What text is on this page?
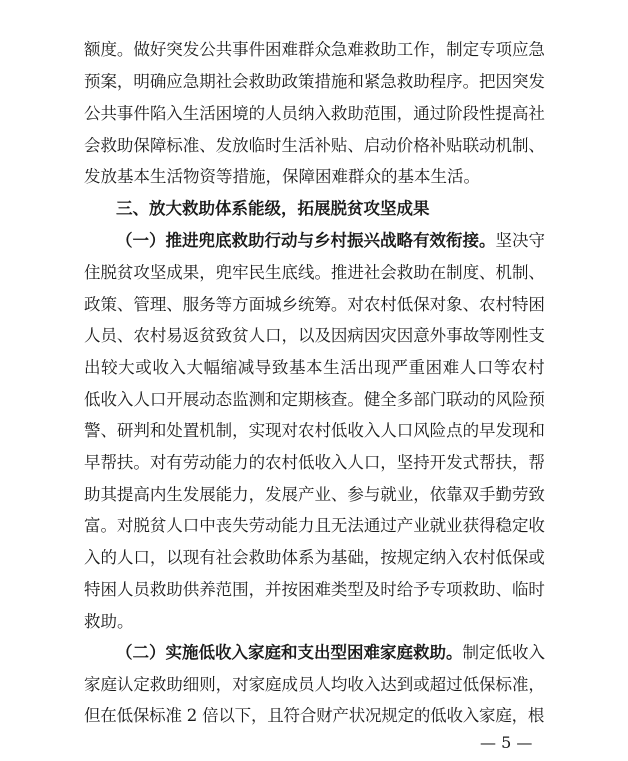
额度。做好突发公共事件困难群众急难救助工作，制定专项应急
预案，明确应急期社会救助政策措施和紧急救助程序。把因突发
公共事件陷入生活困境的人员纳入救助范围，通过阶段性提高社
会救助保障标准、发放临时生活补贴、启动价格补贴联动机制、
发放基本生活物资等措施，保障困难群众的基本生活。
三、放大救助体系能级，拓展脱贫攻坚成果
（一）推进兜底救助行动与乡村振兴战略有效衔接。坚决守
住脱贫攻坚成果，兜牢民生底线。推进社会救助在制度、机制、
政策、管理、服务等方面城乡统筹。对农村低保对象、农村特困
人员、农村易返贫致贫人口，以及因病因灾因意外事故等刚性支
出较大或收入大幅缩减导致基本生活出现严重困难人口等农村
低收入人口开展动态监测和定期核查。健全多部门联动的风险预
警、研判和处置机制，实现对农村低收入人口风险点的早发现和
早帮扶。对有劳动能力的农村低收入人口，坚持开发式帮扶，帮
助其提高内生发展能力，发展产业、参与就业，依靠双手勤劳致
富。对脱贫人口中丧失劳动能力且无法通过产业就业获得稳定收
入的人口，以现有社会救助体系为基础，按规定纳入农村低保或
特困人员救助供养范围，并按困难类型及时给予专项救助、临时
救助。
（二）实施低收入家庭和支出型困难家庭救助。制定低收入
家庭认定救助细则，对家庭成员人均收入达到或超过低保标准，
但在低保标准 2 倍以下，且符合财产状况规定的低收入家庭，根
— 5 —
